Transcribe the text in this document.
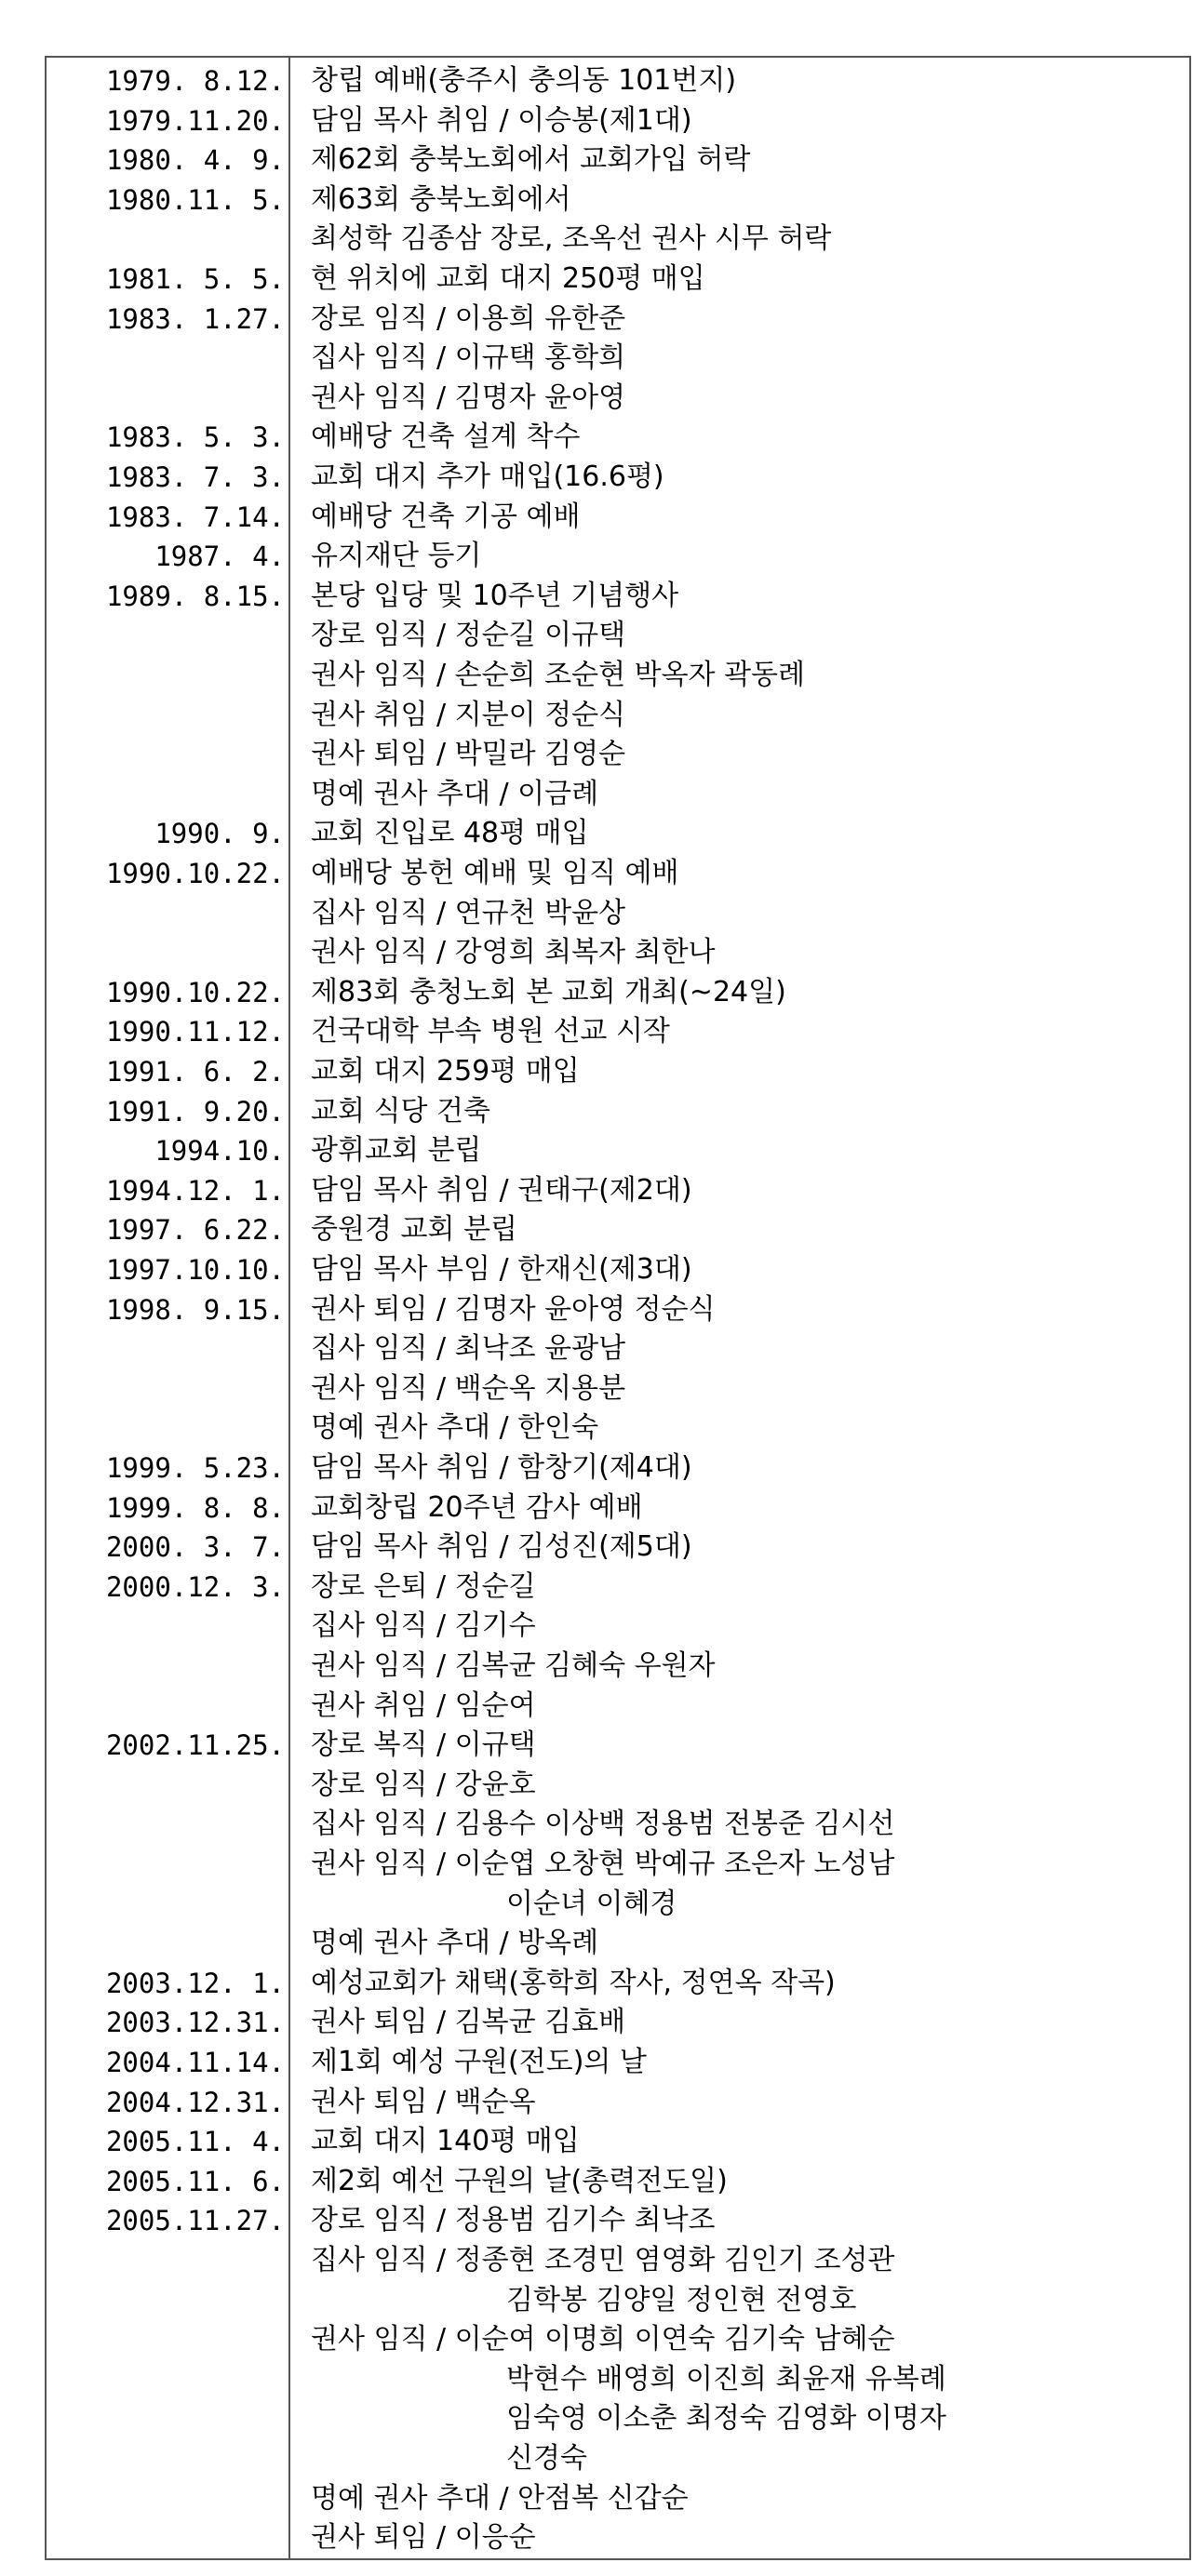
1979. 8.12. 창립 예배(충주시 충의동 101번지)
1979.11.20. 담임 목사 취임 / 이승봉(제1대)
1980. 4. 9. 제62회 충북노회에서 교회가입 허락
1980.11. 5. 제63회 충북노회에서
최성학 김종삼 장로, 조옥선 권사 시무 허락
1981. 5. 5. 현 위치에 교회 대지 250평 매입
1983. 1.27. 장로 임직 / 이용희 유한준
집사 임직 / 이규택 홍학희
권사 임직 / 김명자 윤아영
1983. 5. 3. 예배당 건축 설계 착수
1983. 7. 3. 교회 대지 추가 매입(16.6평)
1983. 7.14. 예배당 건축 기공 예배
1987. 4. 유지재단 등기
1989. 8.15. 본당 입당 및 10주년 기념행사
장로 임직 / 정순길 이규택
권사 임직 / 손순희 조순현 박옥자 곽동례
권사 취임 / 지분이 정순식
권사 퇴임 / 박밀라 김영순
명예 권사 추대 / 이금례
1990. 9. 교회 진입로 48평 매입
1990.10.22. 예배당 봉헌 예배 및 임직 예배
집사 임직 / 연규천 박윤상
권사 임직 / 강영희 최복자 최한나
1990.10.22. 제83회 충청노회 본 교회 개최(~24일)
1990.11.12. 건국대학 부속 병원 선교 시작
1991. 6. 2. 교회 대지 259평 매입
1991. 9.20. 교회 식당 건축
1994.10. 광휘교회 분립
1994.12. 1. 담임 목사 취임 / 권태구(제2대)
1997. 6.22. 중원경 교회 분립
1997.10.10. 담임 목사 부임 / 한재신(제3대)
1998. 9.15. 권사 퇴임 / 김명자 윤아영 정순식
집사 임직 / 최낙조 윤광남
권사 임직 / 백순옥 지용분
명예 권사 추대 / 한인숙
1999. 5.23. 담임 목사 취임 / 함창기(제4대)
1999. 8. 8. 교회창립 20주년 감사 예배
2000. 3. 7. 담임 목사 취임 / 김성진(제5대)
2000.12. 3. 장로 은퇴 / 정순길
집사 임직 / 김기수
권사 임직 / 김복균 김혜숙 우원자
권사 취임 / 임순여
2002.11.25. 장로 복직 / 이규택
장로 임직 / 강윤호
집사 임직 / 김용수 이상백 정용범 전봉준 김시선
권사 임직 / 이순엽 오창현 박예규 조은자 노성남
이순녀 이혜경
명예 권사 추대 / 방옥례
2003.12. 1. 예성교회가 채택(홍학희 작사, 정연옥 작곡)
2003.12.31. 권사 퇴임 / 김복균 김효배
2004.11.14. 제1회 예성 구원(전도)의 날
2004.12.31. 권사 퇴임 / 백순옥
2005.11. 4. 교회 대지 140평 매입
2005.11. 6. 제2회 예선 구원의 날(총력전도일)
2005.11.27. 장로 임직 / 정용범 김기수 최낙조
집사 임직 / 정종현 조경민 염영화 김인기 조성관
김학봉 김양일 정인현 전영호
권사 임직 / 이순여 이명희 이연숙 김기숙 남혜순
박현수 배영희 이진희 최윤재 유복례
임숙영 이소춘 최정숙 김영화 이명자
신경숙
명예 권사 추대 / 안점복 신갑순
권사 퇴임 / 이응순
